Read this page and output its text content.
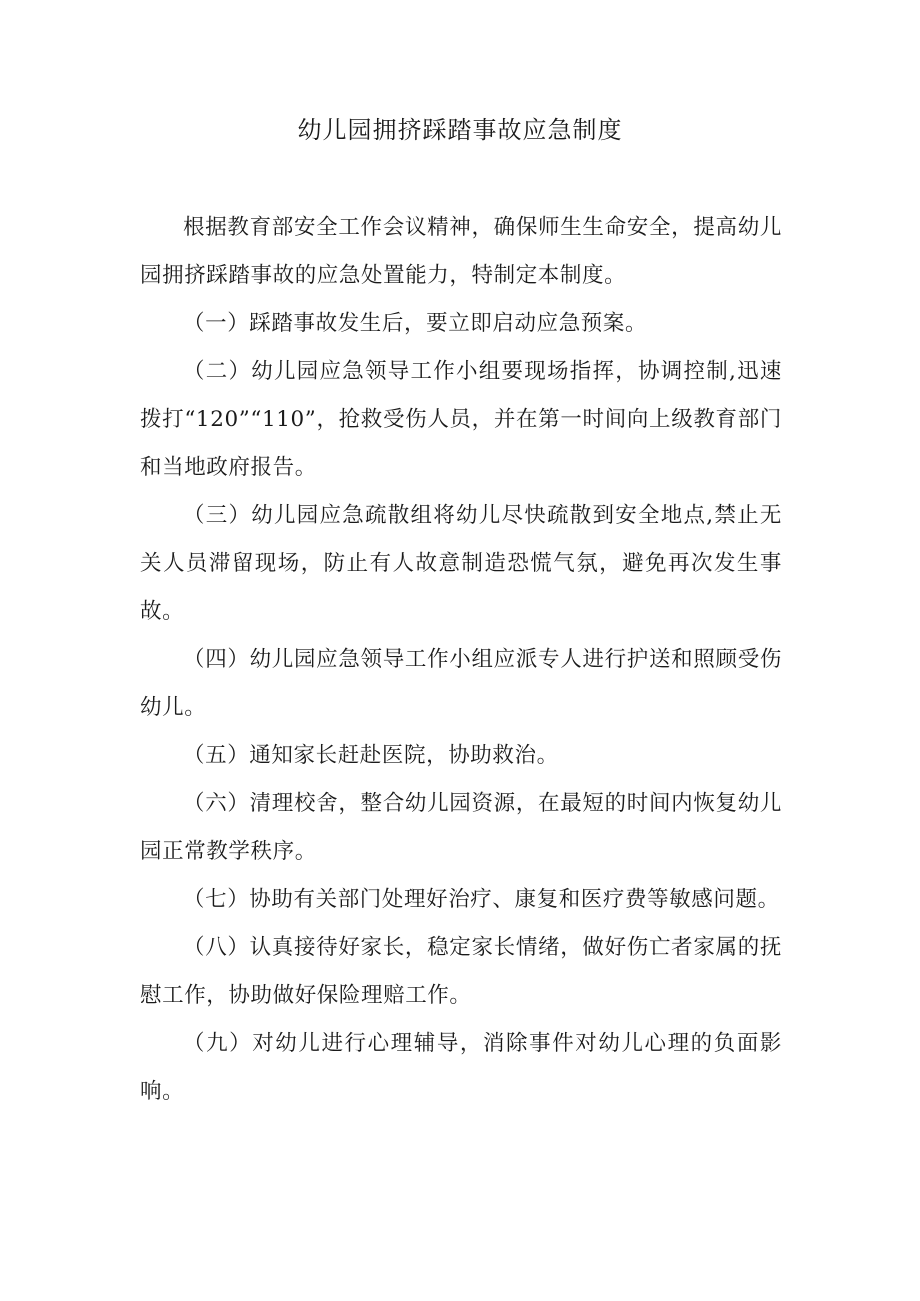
幼儿园拥挤踩踏事故应急制度

根据教育部安全工作会议精神，确保师生生命安全，提高幼儿园拥挤踩踏事故的应急处置能力，特制定本制度。

（一）踩踏事故发生后，要立即启动应急预案。

（二）幼儿园应急领导工作小组要现场指挥，协调控制,迅速拨打“120”“110”，抢救受伤人员，并在第一时间向上级教育部门和当地政府报告。

（三）幼儿园应急疏散组将幼儿尽快疏散到安全地点,禁止无关人员滞留现场，防止有人故意制造恐慌气氛，避免再次发生事故。

（四）幼儿园应急领导工作小组应派专人进行护送和照顾受伤幼儿。

（五）通知家长赶赴医院，协助救治。

（六）清理校舍，整合幼儿园资源，在最短的时间内恢复幼儿园正常教学秩序。

（七）协助有关部门处理好治疗、康复和医疗费等敏感问题。

（八）认真接待好家长，稳定家长情绪，做好伤亡者家属的抚慰工作，协助做好保险理赔工作。

（九）对幼儿进行心理辅导，消除事件对幼儿心理的负面影响。
